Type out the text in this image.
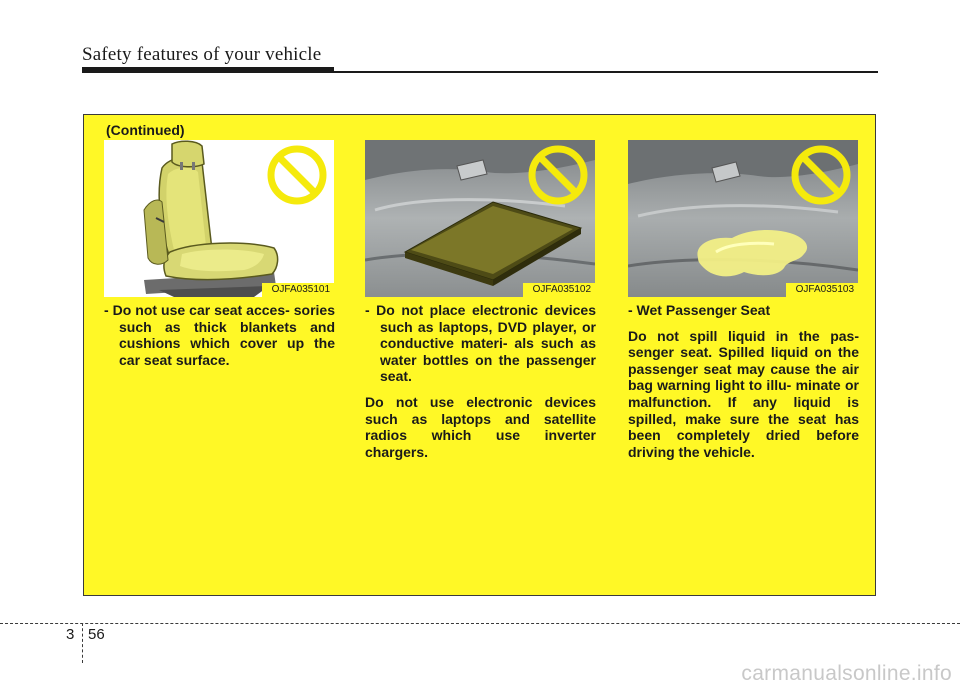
Safety features of your vehicle
(Continued)
OJFA035101	OJFA035102	OJFA035103

- Do not use car seat acces- sories such as thick blankets and cushions which cover up the car seat surface.

- Do not place electronic devices such as laptops, DVD player, or conductive materi- als such as water bottles on the passenger seat.

Do not use electronic devices such as laptops and satellite radios which use inverter chargers.

- Wet Passenger Seat

Do not spill liquid in the pas- senger seat. Spilled liquid on the passenger seat may cause the air bag warning light to illu- minate or malfunction. If any liquid is spilled, make sure the seat has been completely dried before driving the vehicle.

3 56
carmanualsonline.info
